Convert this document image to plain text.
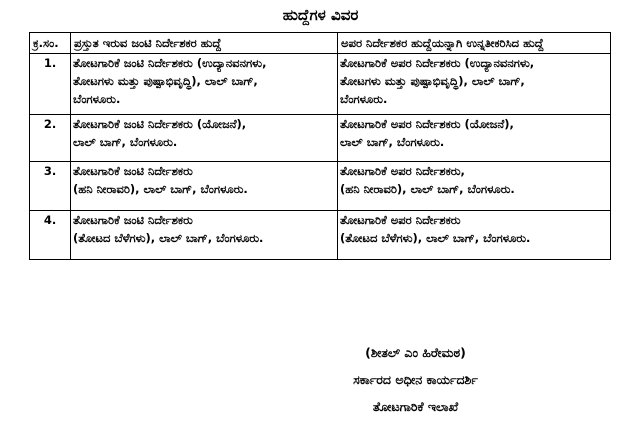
ಹುದ್ದೆಗಳ ವಿವರ
ಕ್ರ.ಸಂ.	ಪ್ರಸ್ತುತ ಇರುವ ಜಂಟಿ ನಿರ್ದೇಶಕರ ಹುದ್ದೆ	ಅಪರ ನಿರ್ದೇಶಕರ ಹುದ್ದೆಯನ್ನಾಗಿ ಉನ್ನತೀಕರಿಸಿದ ಹುದ್ದೆ
1.	ತೋಟಗಾರಿಕೆ ಜಂಟಿ ನಿರ್ದೇಶಕರು (ಉದ್ಯಾನವನಗಳು,
ತೋಟಗಳು ಮತ್ತು ಪುಷ್ಪಾಭಿವೃದ್ಧಿ), ಲಾಲ್ ಬಾಗ್,
ಬೆಂಗಳೂರು.	ತೋಟಗಾರಿಕೆ ಅಪರ ನಿರ್ದೇಶಕರು (ಉದ್ಯಾನವನಗಳು,
ತೋಟಗಳು ಮತ್ತು ಪುಷ್ಪಾಭಿವೃದ್ಧಿ), ಲಾಲ್ ಬಾಗ್,
ಬೆಂಗಳೂರು.

2.	ತೋಟಗಾರಿಕೆ ಜಂಟಿ ನಿರ್ದೇಶಕರು (ಯೋಜನೆ),
ಲಾಲ್ ಬಾಗ್, ಬೆಂಗಳೂರು.	ತೋಟಗಾರಿಕೆ ಅಪರ ನಿರ್ದೇಶಕರು (ಯೋಜನೆ),
ಲಾಲ್ ಬಾಗ್, ಬೆಂಗಳೂರು.

3.	ತೋಟಗಾರಿಕೆ ಜಂಟಿ ನಿರ್ದೇಶಕರು
(ಹನಿ ನೀರಾವರಿ), ಲಾಲ್ ಬಾಗ್, ಬೆಂಗಳೂರು.	ತೋಟಗಾರಿಕೆ ಅಪರ ನಿರ್ದೇಶಕರು,
(ಹನಿ ನೀರಾವರಿ), ಲಾಲ್ ಬಾಗ್, ಬೆಂಗಳೂರು.

4.	ತೋಟಗಾರಿಕೆ ಜಂಟಿ ನಿರ್ದೇಶಕರು
(ತೋಟದ ಬೆಳೆಗಳು), ಲಾಲ್ ಬಾಗ್, ಬೆಂಗಳೂರು.	ತೋಟಗಾರಿಕೆ ಅಪರ ನಿರ್ದೇಶಕರು
(ತೋಟದ ಬೆಳೆಗಳು), ಲಾಲ್ ಬಾಗ್, ಬೆಂಗಳೂರು.
(ಶೀತಲ್ ಎಂ ಹಿರೇಮಠ)
ಸರ್ಕಾರದ ಅಧೀನ ಕಾರ್ಯದರ್ಶಿ
ತೋಟಗಾರಿಕೆ ಇಲಾಖೆ
